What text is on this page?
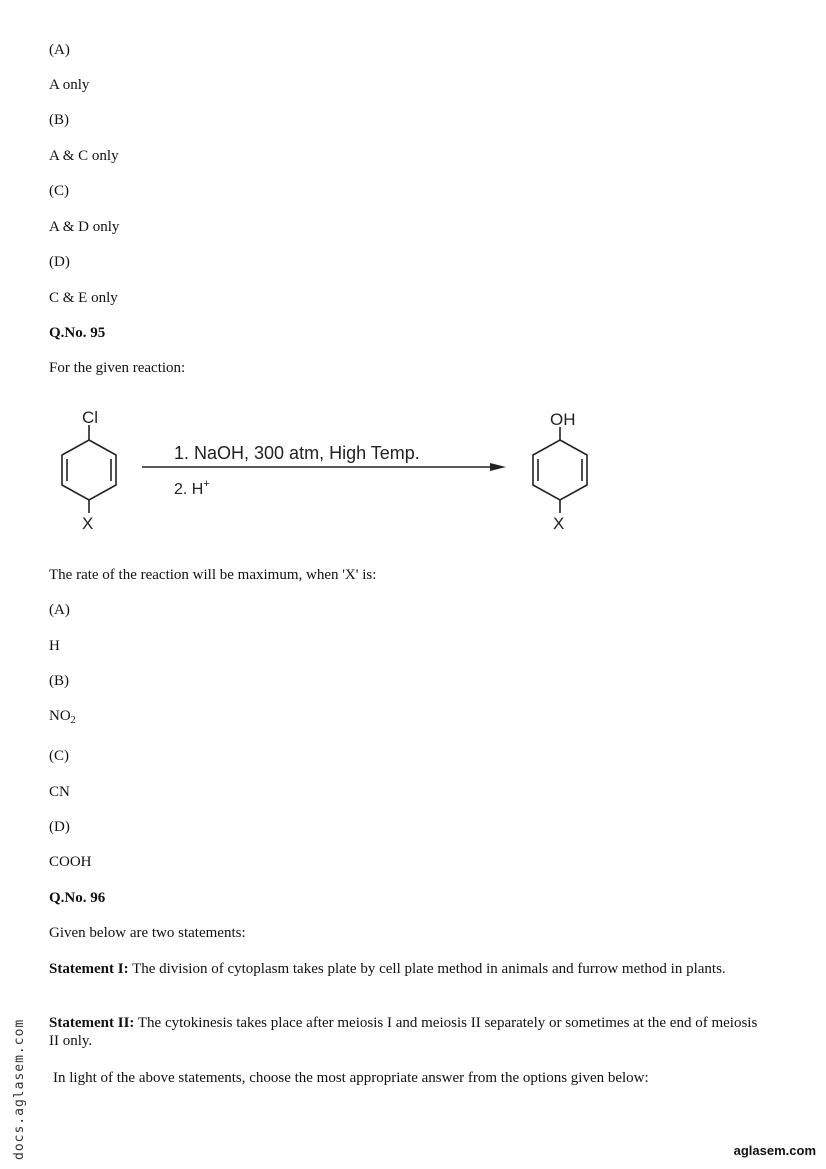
(A)

A only

(B)

A & C only

(C)

A & D only

(D)

C & E only

Q.No. 95

For the given reaction:

Cl
X
1. NaOH, 300 atm, High Temp.
2. H+
OH
X

The rate of the reaction will be maximum, when 'X' is:

(A)

H

(B)

$NO_2$

(C)

CN

(D)

COOH

Q.No. 96

Given below are two statements:

Statement I: The division of cytoplasm takes plate by cell plate method in animals and furrow method in plants.
Statement II: The cytokinesis takes place after meiosis I and meiosis II separately or sometimes at the end of meiosis II only.

In light of the above statements, choose the most appropriate answer from the options given below:

docs.aglasem.com	aglasem.com
